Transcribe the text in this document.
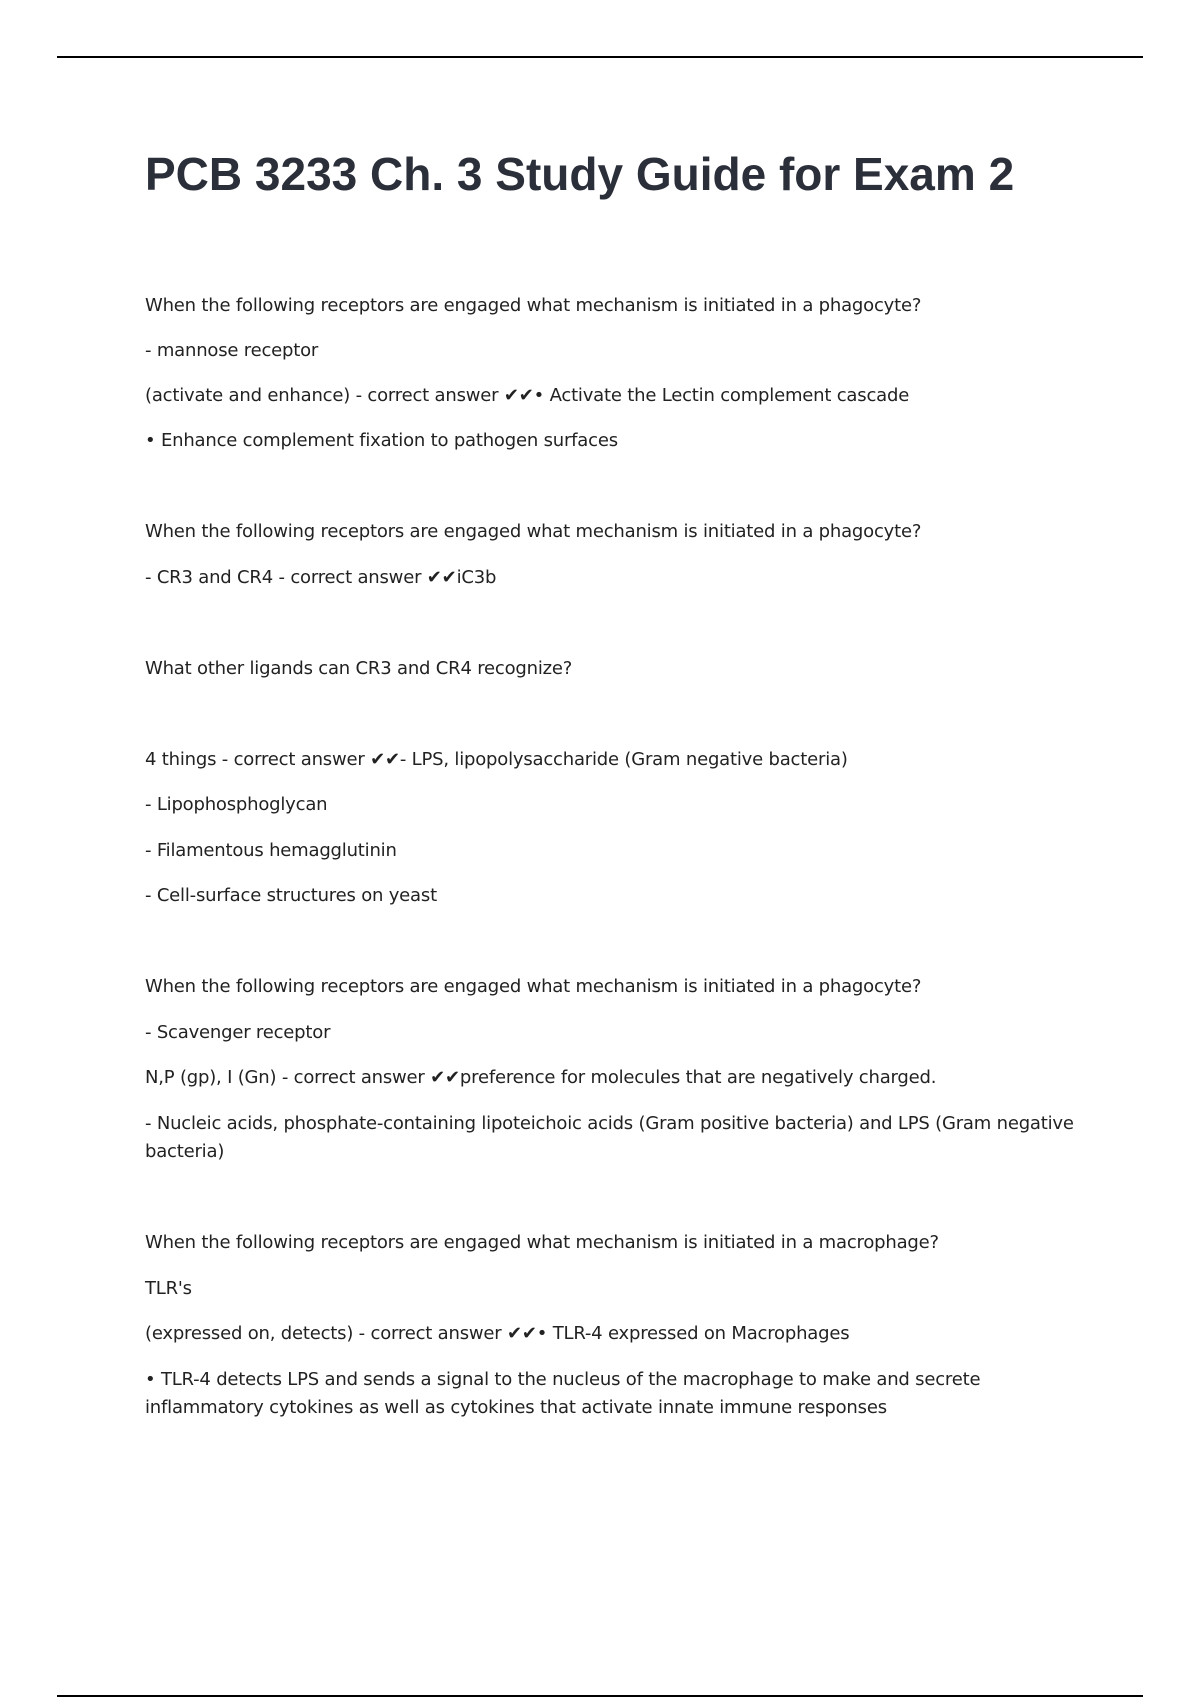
PCB 3233 Ch. 3 Study Guide for Exam 2

When the following receptors are engaged what mechanism is initiated in a phagocyte?

- mannose receptor

(activate and enhance) - correct answer ✔✔• Activate the Lectin complement cascade

• Enhance complement fixation to pathogen surfaces

When the following receptors are engaged what mechanism is initiated in a phagocyte?

- CR3 and CR4 - correct answer ✔✔iC3b

What other ligands can CR3 and CR4 recognize?

4 things - correct answer ✔✔- LPS, lipopolysaccharide (Gram negative bacteria)

- Lipophosphoglycan

- Filamentous hemagglutinin

- Cell-surface structures on yeast

When the following receptors are engaged what mechanism is initiated in a phagocyte?

- Scavenger receptor

N,P (gp), I (Gn) - correct answer ✔✔preference for molecules that are negatively charged.

- Nucleic acids, phosphate-containing lipoteichoic acids (Gram positive bacteria) and LPS (Gram negative bacteria)

When the following receptors are engaged what mechanism is initiated in a macrophage?

TLR's

(expressed on, detects) - correct answer ✔✔• TLR-4 expressed on Macrophages

• TLR-4 detects LPS and sends a signal to the nucleus of the macrophage to make and secrete inflammatory cytokines as well as cytokines that activate innate immune responses
